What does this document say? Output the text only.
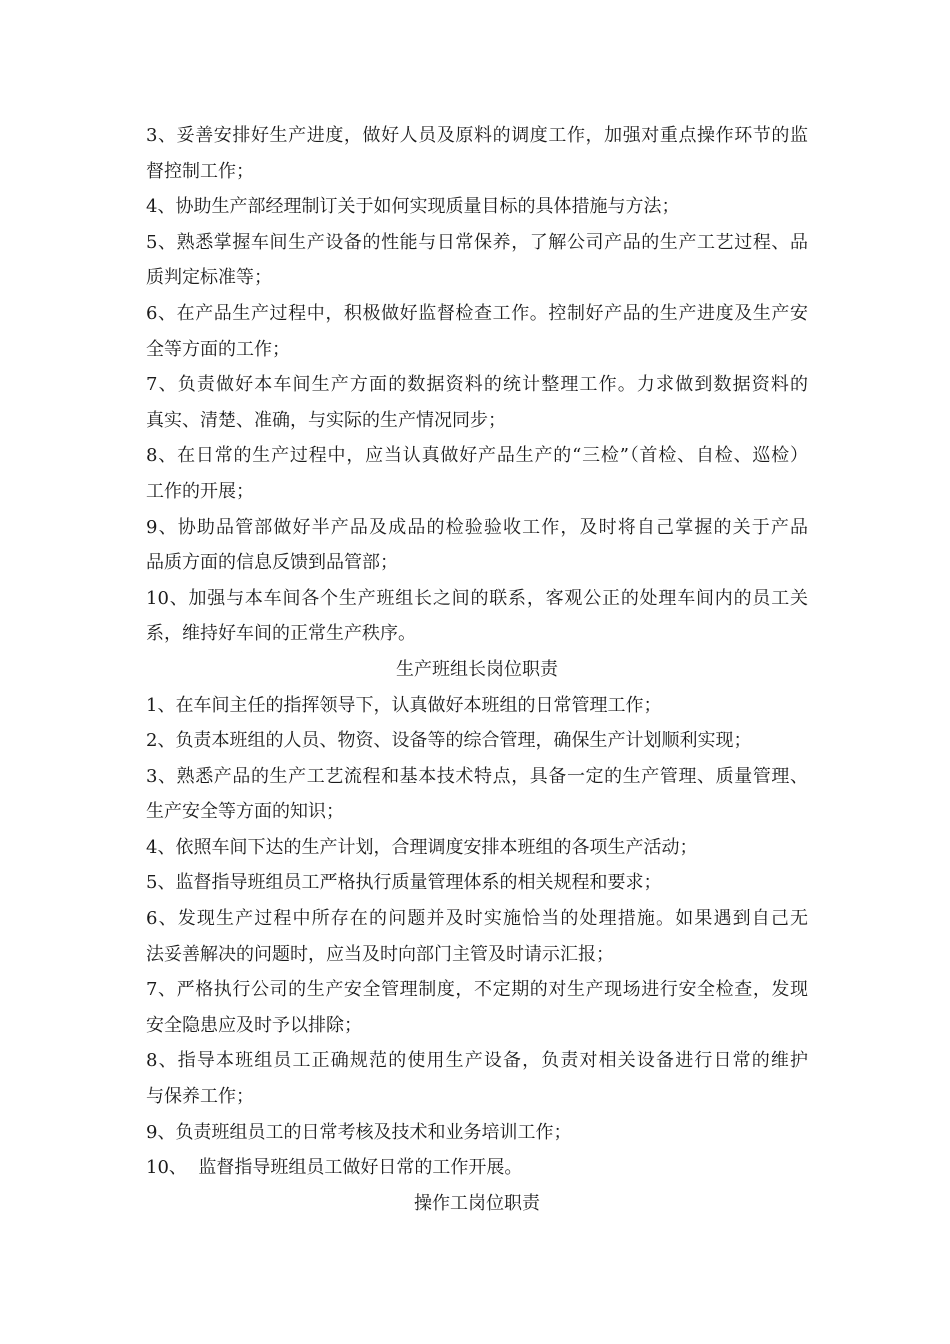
3、妥善安排好生产进度，做好人员及原料的调度工作，加强对重点操作环节的监
督控制工作；
4、协助生产部经理制订关于如何实现质量目标的具体措施与方法；
5、熟悉掌握车间生产设备的性能与日常保养，了解公司产品的生产工艺过程、品
质判定标准等；
6、在产品生产过程中，积极做好监督检查工作。控制好产品的生产进度及生产安
全等方面的工作；
7、负责做好本车间生产方面的数据资料的统计整理工作。力求做到数据资料的
真实、清楚、准确，与实际的生产情况同步；
8、在日常的生产过程中，应当认真做好产品生产的“三检”（首检、自检、巡检）
工作的开展；
9、协助品管部做好半产品及成品的检验验收工作，及时将自己掌握的关于产品
品质方面的信息反馈到品管部；
10、加强与本车间各个生产班组长之间的联系，客观公正的处理车间内的员工关
系，维持好车间的正常生产秩序。
生产班组长岗位职责
1、在车间主任的指挥领导下，认真做好本班组的日常管理工作；
2、负责本班组的人员、物资、设备等的综合管理，确保生产计划顺利实现；
3、熟悉产品的生产工艺流程和基本技术特点，具备一定的生产管理、质量管理、
生产安全等方面的知识；
4、依照车间下达的生产计划，合理调度安排本班组的各项生产活动；
5、监督指导班组员工严格执行质量管理体系的相关规程和要求；
6、发现生产过程中所存在的问题并及时实施恰当的处理措施。如果遇到自己无
法妥善解决的问题时，应当及时向部门主管及时请示汇报；
7、严格执行公司的生产安全管理制度，不定期的对生产现场进行安全检查，发现
安全隐患应及时予以排除；
8、指导本班组员工正确规范的使用生产设备，负责对相关设备进行日常的维护
与保养工作；
9、负责班组员工的日常考核及技术和业务培训工作；
10、  监督指导班组员工做好日常的工作开展。
操作工岗位职责
